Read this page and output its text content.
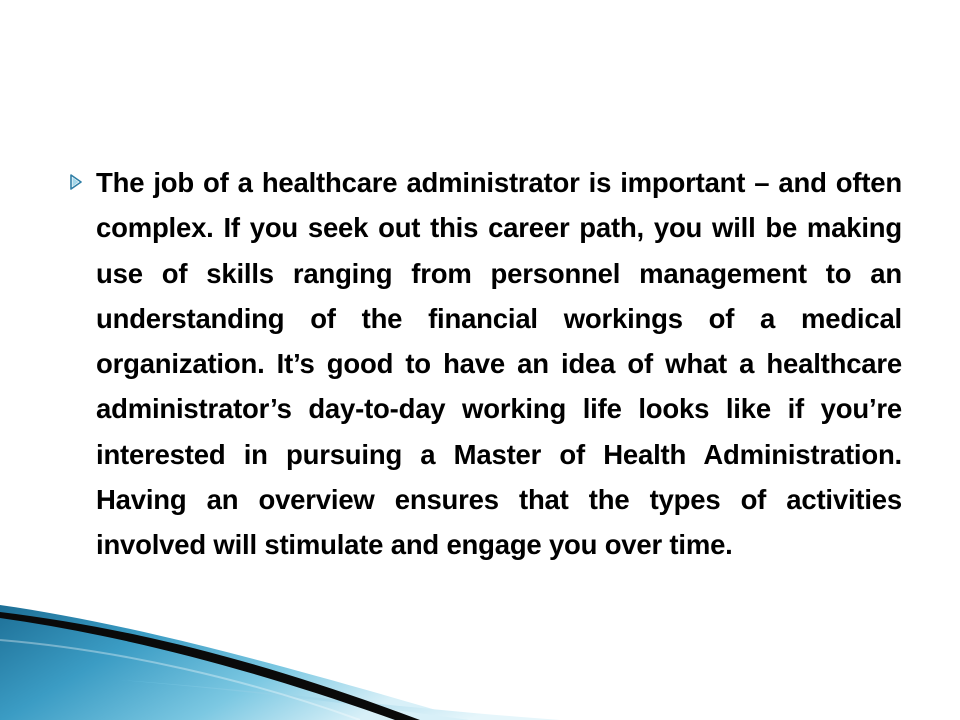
The job of a healthcare administrator is important – and often complex. If you seek out this career path, you will be making use of skills ranging from personnel management to an understanding of the financial workings of a medical organization. It’s good to have an idea of what a healthcare administrator’s day-to-day working life looks like if you’re interested in pursuing a Master of Health Administration. Having an overview ensures that the types of activities involved will stimulate and engage you over time.
